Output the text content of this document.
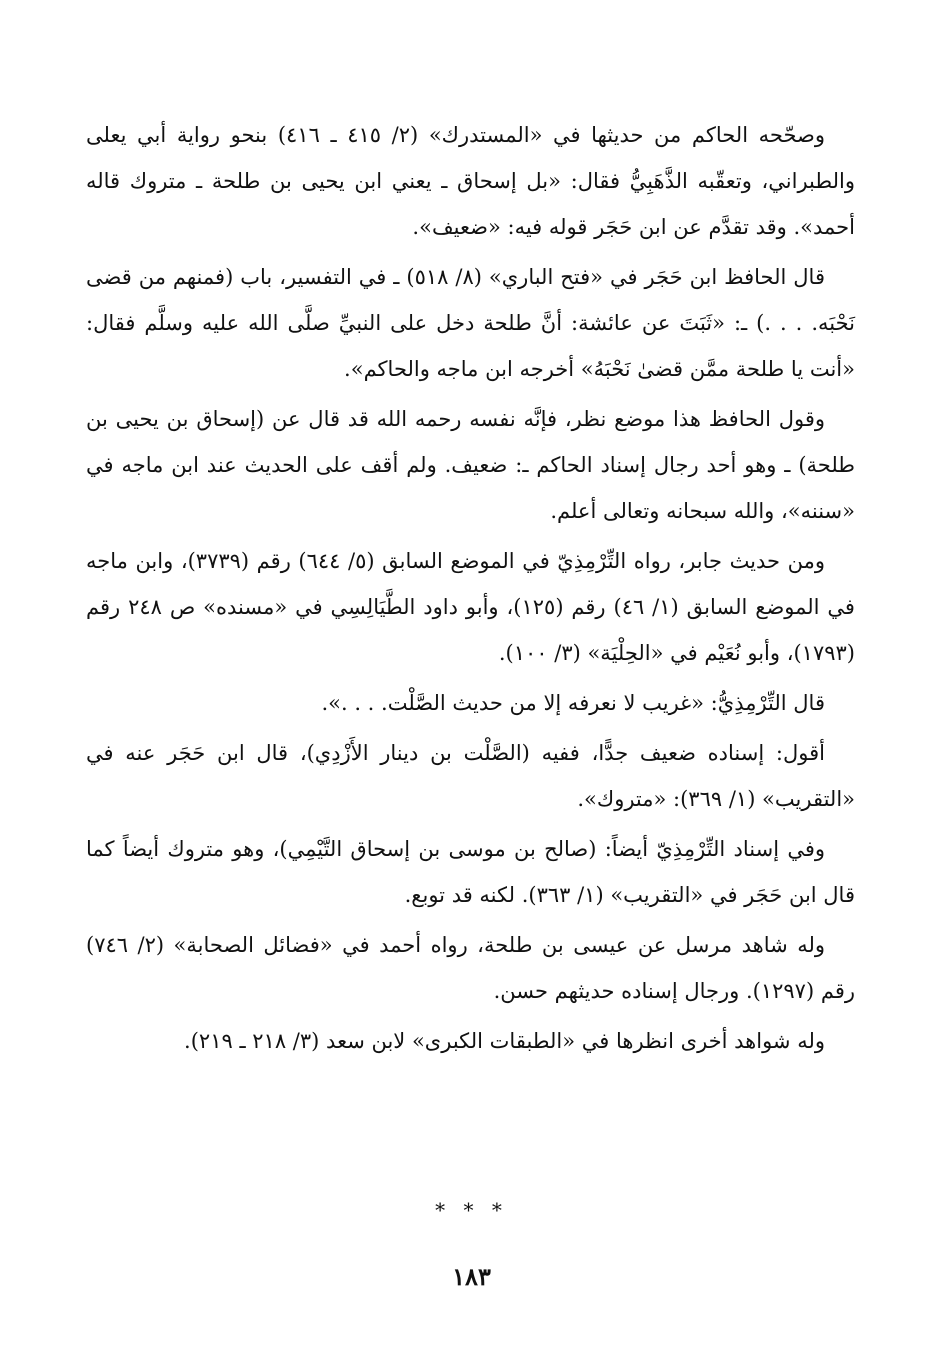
وصحّحه الحاكم من حديثها في «المستدرك» (٢/ ٤١٥ ـ ٤١٦) بنحو رواية أبي يعلى والطبراني، وتعقّبه الذَّهَبِيُّ فقال: «بل إسحاق ـ يعني ابن يحيى بن طلحة ـ متروك قاله أحمد». وقد تقدَّم عن ابن حَجَر قوله فيه: «ضعيف».

قال الحافظ ابن حَجَر في «فتح الباري» (٨/ ٥١٨) ـ في التفسير، باب (فمنهم من قضى نَحْبَه. . . .) ـ: «ثَبَتَ عن عائشة: أنَّ طلحة دخل على النبيِّ صلَّى الله عليه وسلَّم فقال: «أنت يا طلحة ممَّن قضىٰ نَحْبَهُ» أخرجه ابن ماجه والحاكم».

وقول الحافظ هذا موضع نظر، فإنَّه نفسه رحمه الله قد قال عن (إسحاق بن يحيى بن طلحة) ـ وهو أحد رجال إسناد الحاكم ـ: ضعيف. ولم أقف على الحديث عند ابن ماجه في «سننه»، والله سبحانه وتعالى أعلم.

ومن حديث جابر، رواه التِّرْمِذِيّ في الموضع السابق (٥/ ٦٤٤) رقم (٣٧٣٩)، وابن ماجه في الموضع السابق (١/ ٤٦) رقم (١٢٥)، وأبو داود الطَّيَالِسِي في «مسنده» ص ٢٤٨ رقم (١٧٩٣)، وأبو نُعَيْم في «الحِلْيَة» (٣/ ١٠٠).

قال التِّرْمِذِيُّ: «غريب لا نعرفه إلا من حديث الصَّلْت. . . .».

أقول: إسناده ضعيف جدًّا، ففيه (الصَّلْت بن دينار الأَزْدِي)، قال ابن حَجَر عنه في «التقريب» (١/ ٣٦٩): «متروك».

وفي إسناد التِّرْمِذِيّ أيضاً: (صالح بن موسى بن إسحاق التَّيْمِي)، وهو متروك أيضاً كما قال ابن حَجَر في «التقريب» (١/ ٣٦٣). لكنه قد توبع.

وله شاهد مرسل عن عيسى بن طلحة، رواه أحمد في «فضائل الصحابة» (٢/ ٧٤٦) رقم (١٢٩٧). ورجال إسناده حديثهم حسن.

وله شواهد أخرى انظرها في «الطبقات الكبرى» لابن سعد (٣/ ٢١٨ ـ ٢١٩).

* * *
١٨٣
